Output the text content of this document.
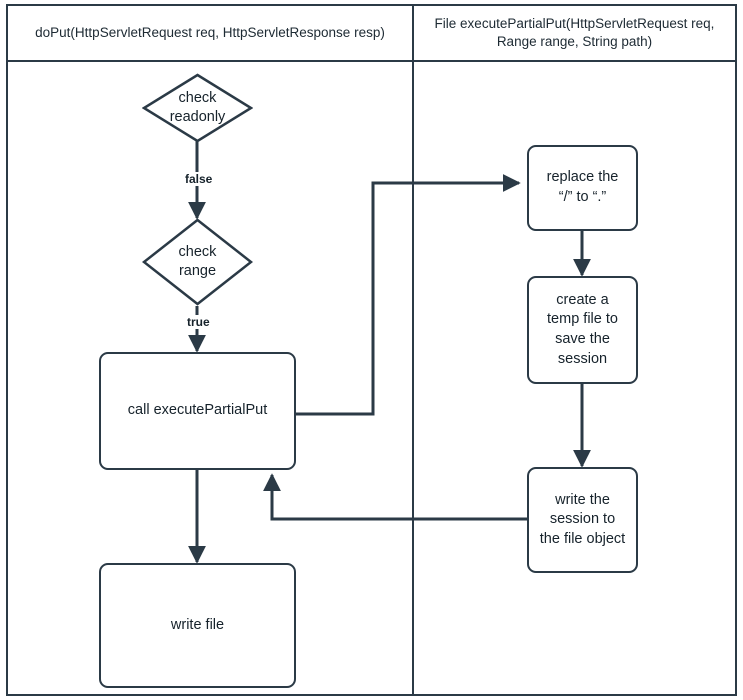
doPut(HttpServletRequest req, HttpServletResponse resp)
File executePartialPut(HttpServletRequest req, Range range, String path)
check
readonly
false
check
range
true
call executePartialPut
write file
replace the
“/” to “.”
create a temp file to save the session
write the session to the file object
